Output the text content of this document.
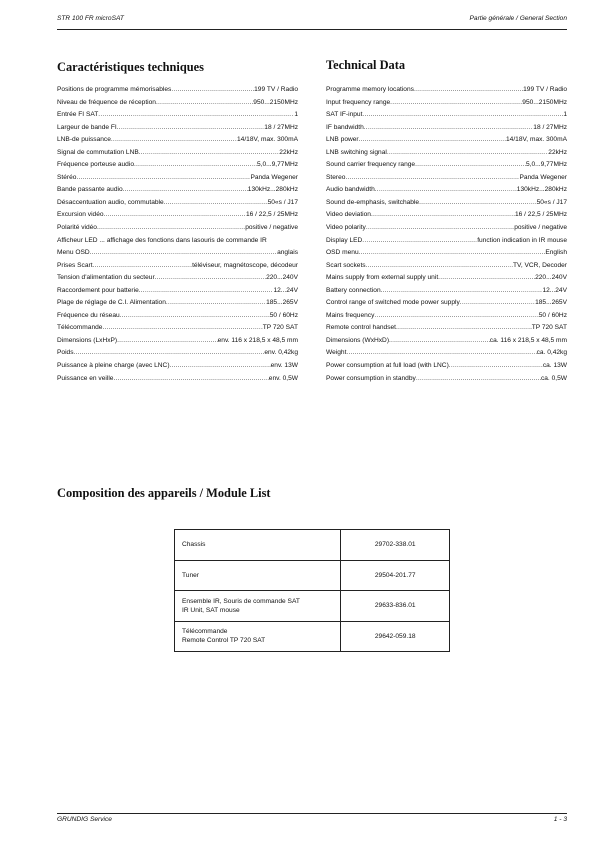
STR 100 FR microSAT	Partie générale / General Section
Caractéristiques techniques	Technical Data
Positions de programme mémorisables .....	199 TV / Radio
Niveau de fréquence de réception .....	950...2150MHz
Entrée FI SAT .....	1
Largeur de bande FI .....	18 / 27MHz
LNB-de puissance .....	14/18V, max. 300mA
Signal de commutation LNB .....	22kHz
Fréquence porteuse audio .....	5,0...9,77MHz
Stéréo .....	Panda Wegener
Bande passante audio .....	130kHz...280kHz
Désaccentuation audio, commutable .....	50«s / J17
Excursion vidéo .....	16 / 22,5 / 25MHz
Polarité vidéo .....	positive / negative
Afficheur LED ... affichage des fonctions dans lasouris de commande IR
Menu OSD .....	anglais
Prises Scart .....	téléviseur, magnétoscope, décodeur
Tension d'alimentation du secteur .....	220...240V
Raccordement pour batterie .....	12...24V
Plage de réglage de C.I. Alimentation .....	185...265V
Fréquence du réseau .....	50 / 60Hz
Télécommande .....	TP 720 SAT
Dimensions (LxHxP) .....	env. 116 x 218,5 x 48,5 mm
Poids .....	env. 0,42kg
Puissance à pleine charge (avec LNC) .....	env. 13W
Puissance en veille .....	env. 0,5W
Programme memory locations .....	199 TV / Radio
Input frequency range .....	950...2150MHz
SAT IF-input .....	1
IF bandwidth .....	18 / 27MHz
LNB power .....	14/18V, max. 300mA
LNB switching signal .....	22kHz
Sound carrier frequency range .....	5,0...9,77MHz
Stereo .....	Panda Wegener
Audio bandwidth .....	130kHz...280kHz
Sound de-emphasis, switchable .....	50«s / J17
Video deviation .....	16 / 22,5 / 25MHz
Video polarity .....	positive / negative
Display LED .....	function indication in IR mouse
OSD menu .....	English
Scart sockets .....	TV, VCR, Decoder
Mains supply from external supply unit .....	220...240V
Battery connection .....	12...24V
Control range of switched mode power supply .....	185...265V
Mains frequency .....	50 / 60Hz
Remote control handset .....	TP 720 SAT
Dimensions (WxHxD) .....	ca. 116 x 218,5 x 48,5 mm
Weight .....	ca. 0,42kg
Power consumption at full load (with LNC) .....	ca. 13W
Power consumption in standby .....	ca. 0,5W
Composition des appareils / Module List
Chassis	29702-338.01

Tuner	29504-201.77

Ensemble IR, Souris de commande SAT
IR Unit, SAT mouse	29633-836.01

Télécommande
Remote Control TP 720 SAT	29642-059.18
GRUNDIG Service	1 - 3
